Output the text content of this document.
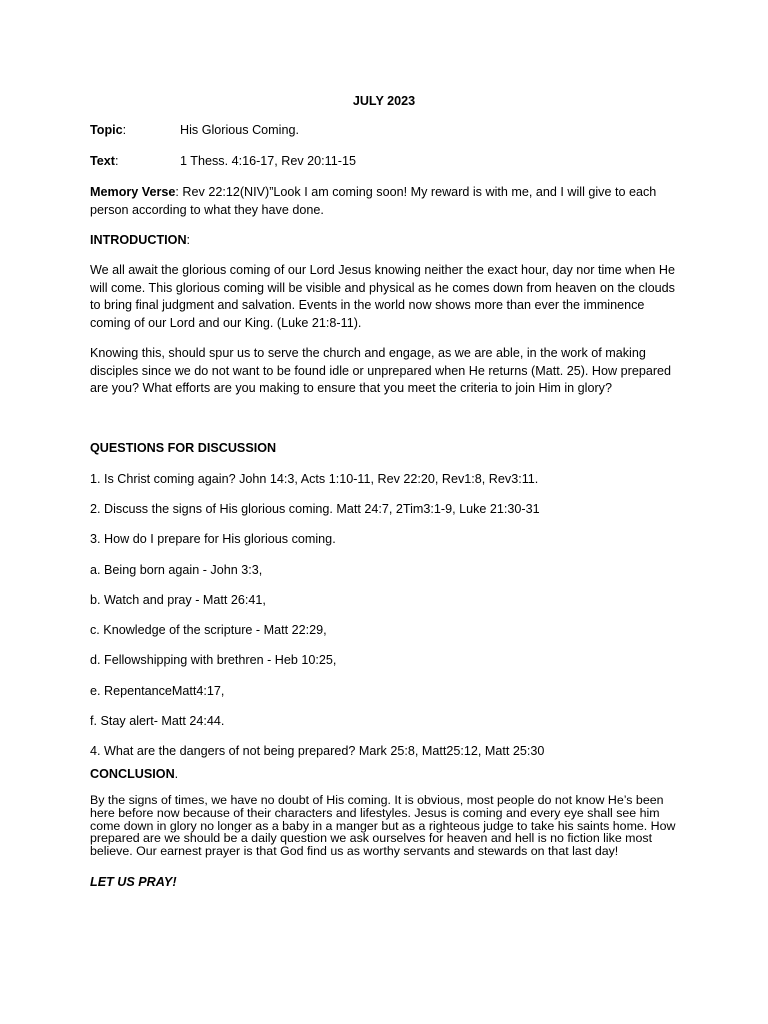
JULY 2023
Topic:	His Glorious Coming.
Text:	1 Thess. 4:16-17, Rev 20:11-15
Memory Verse: Rev 22:12(NIV)”Look I am coming soon! My reward is with me, and I will give to each person according to what they have done.
INTRODUCTION:
We all await the glorious coming of our Lord Jesus knowing neither the exact hour, day nor time when He will come. This glorious coming will be visible and physical as he comes down from heaven on the clouds to bring final judgment and salvation. Events in the world now shows more than ever the imminence coming of our Lord and our King. (Luke 21:8-11).
Knowing this, should spur us to serve the church and engage, as we are able, in the work of making disciples since we do not want to be found idle or unprepared when He returns (Matt. 25). How prepared are you? What efforts are you making to ensure that you meet the criteria to join Him in glory?
QUESTIONS FOR DISCUSSION
1. Is Christ coming again? John 14:3, Acts 1:10-11, Rev 22:20, Rev1:8, Rev3:11.
2. Discuss the signs of His glorious coming. Matt 24:7, 2Tim3:1-9, Luke 21:30-31
3. How do I prepare for His glorious coming.
a. Being born again - John 3:3,
b. Watch and pray - Matt 26:41,
c. Knowledge of the scripture - Matt 22:29,
d. Fellowshipping with brethren - Heb 10:25,
e. RepentanceMatt4:17,
f. Stay alert- Matt 24:44.
4. What are the dangers of not being prepared? Mark 25:8, Matt25:12, Matt 25:30
CONCLUSION.
By the signs of times, we have no doubt of His coming. It is obvious, most people do not know He’s been here before now because of their characters and lifestyles. Jesus is coming and every eye shall see him come down in glory no longer as a baby in a manger but as a righteous judge to take his saints home. How prepared are we should be a daily question we ask ourselves for heaven and hell is no fiction like most believe. Our earnest prayer is that God find us as worthy servants and stewards on that last day!
LET US PRAY!
